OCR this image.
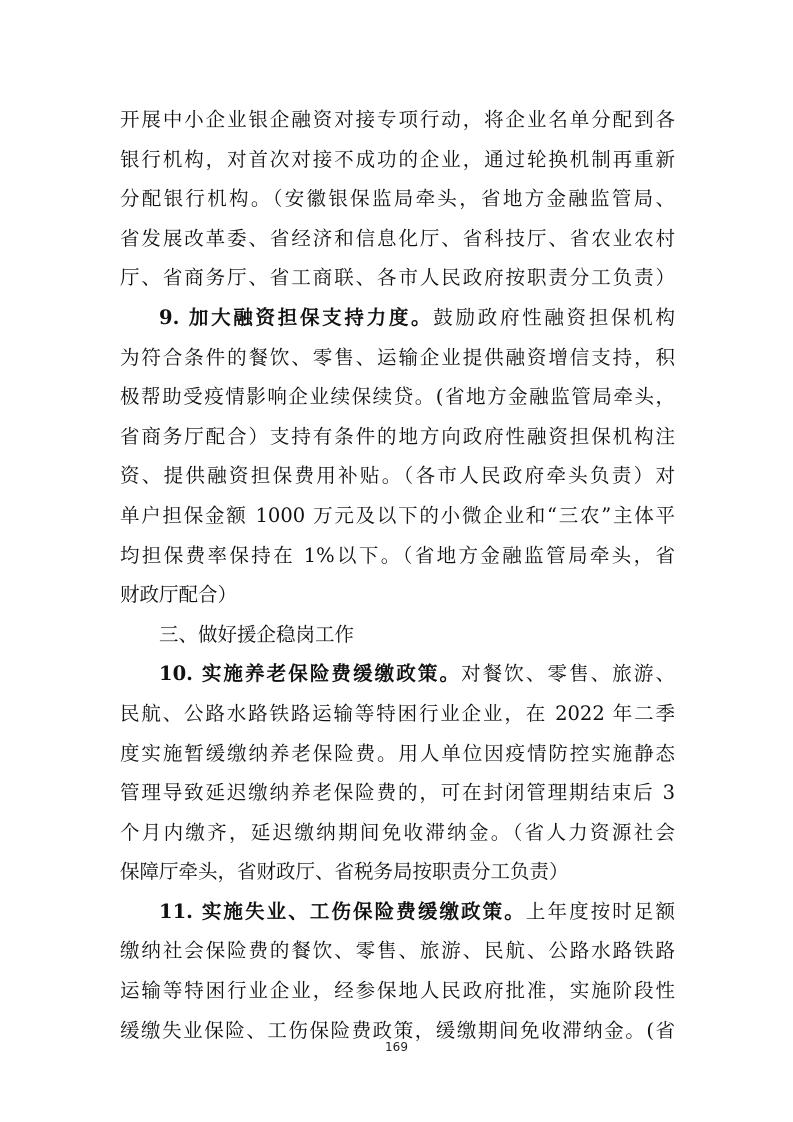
开展中小企业银企融资对接专项行动，将企业名单分配到各
银行机构，对首次对接不成功的企业，通过轮换机制再重新
分配银行机构。（安徽银保监局牵头，省地方金融监管局、
省发展改革委、省经济和信息化厅、省科技厅、省农业农村
厅、省商务厅、省工商联、各市人民政府按职责分工负责）
9. 加大融资担保支持力度。鼓励政府性融资担保机构
为符合条件的餐饮、零售、运输企业提供融资增信支持，积
极帮助受疫情影响企业续保续贷。(省地方金融监管局牵头，
省商务厅配合）支持有条件的地方向政府性融资担保机构注
资、提供融资担保费用补贴。（各市人民政府牵头负责）对
单户担保金额 1000 万元及以下的小微企业和“三农”主体平
均担保费率保持在 1%以下。（省地方金融监管局牵头，省
财政厅配合）
三、做好援企稳岗工作
10. 实施养老保险费缓缴政策。对餐饮、零售、旅游、
民航、公路水路铁路运输等特困行业企业，在 2022 年二季
度实施暂缓缴纳养老保险费。用人单位因疫情防控实施静态
管理导致延迟缴纳养老保险费的，可在封闭管理期结束后 3
个月内缴齐，延迟缴纳期间免收滞纳金。（省人力资源社会
保障厅牵头，省财政厅、省税务局按职责分工负责）
11. 实施失业、工伤保险费缓缴政策。上年度按时足额
缴纳社会保险费的餐饮、零售、旅游、民航、公路水路铁路
运输等特困行业企业，经参保地人民政府批准，实施阶段性
缓缴失业保险、工伤保险费政策，缓缴期间免收滞纳金。(省
169
